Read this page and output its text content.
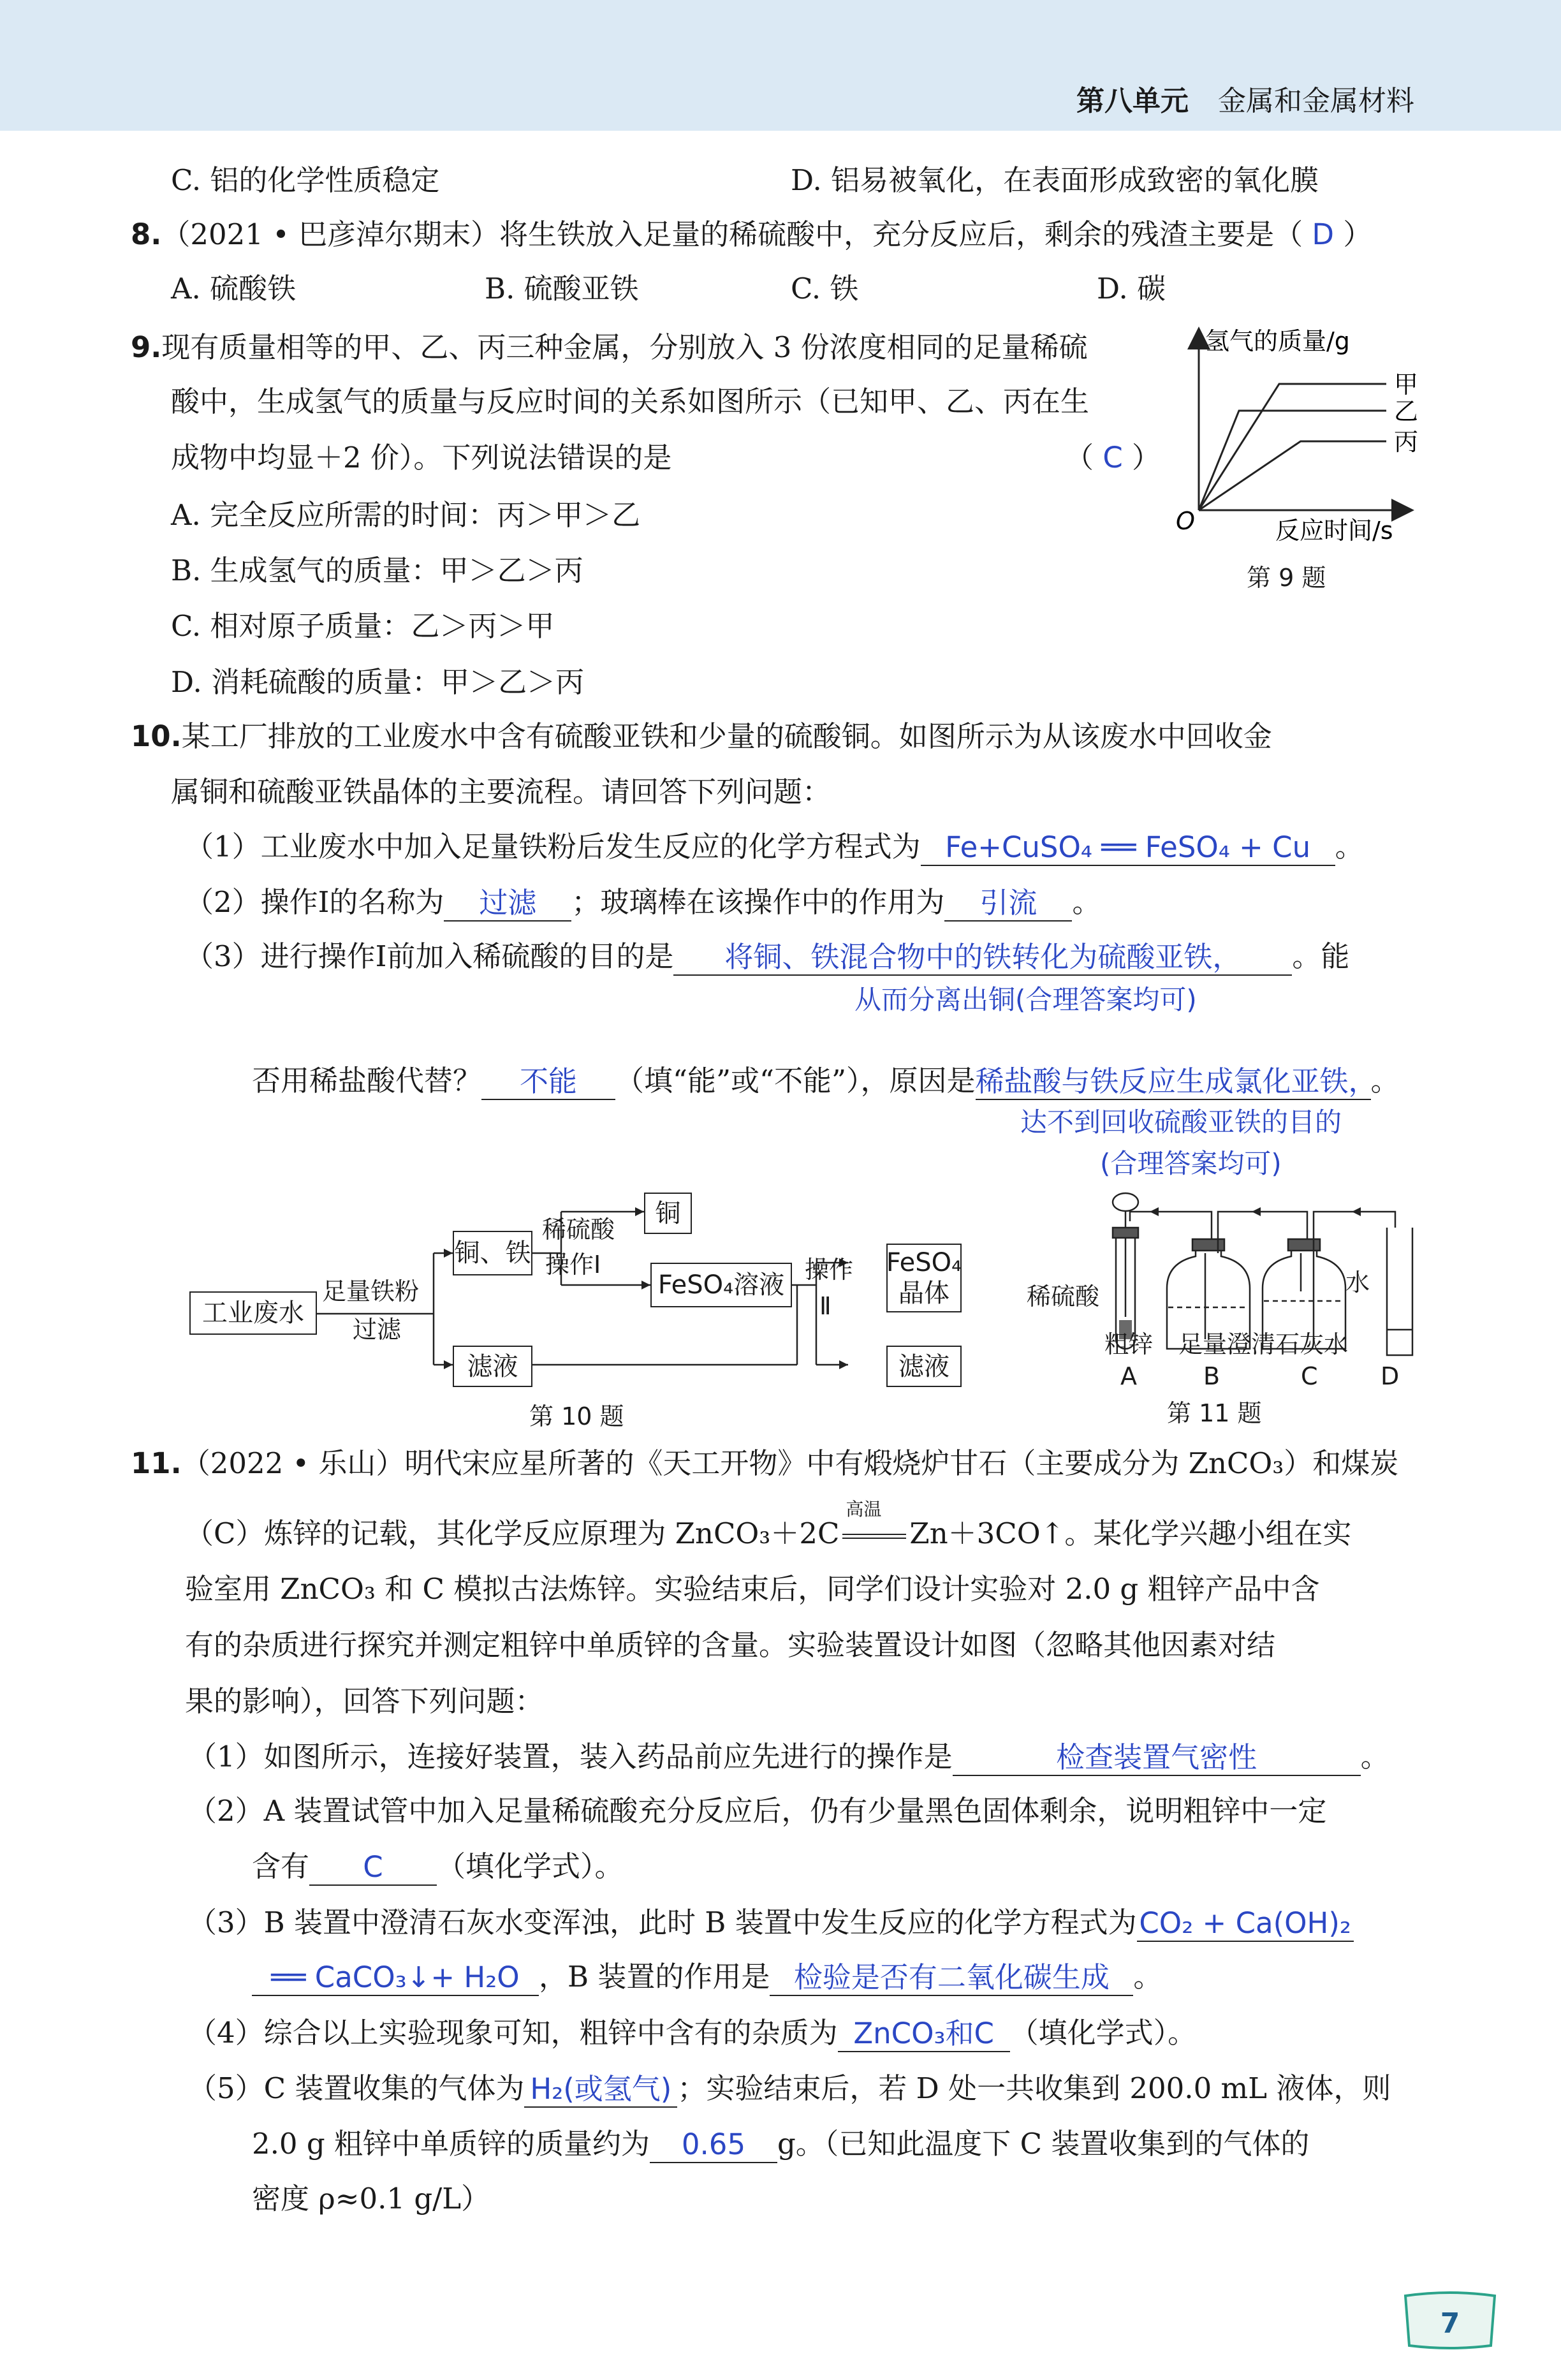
第八单元 金属和金属材料
C. 铝的化学性质稳定	D. 铝易被氧化，在表面形成致密的氧化膜
8.（2021 • 巴彦淖尔期末）将生铁放入足量的稀硫酸中，充分反应后，剩余的残渣主要是（ D ）
A. 硫酸铁	B. 硫酸亚铁	C. 铁	D. 碳
9.现有质量相等的甲、乙、丙三种金属，分别放入 3 份浓度相同的足量稀硫
酸中，生成氢气的质量与反应时间的关系如图所示（已知甲、乙、丙在生
成物中均显＋2 价）。下列说法错误的是	（ C ）
A. 完全反应所需的时间：丙＞甲＞乙
B. 生成氢气的质量：甲＞乙＞丙
C. 相对原子质量：乙＞丙＞甲
D. 消耗硫酸的质量：甲＞乙＞丙
氢气的质量/g
反应时间/s
O
甲
乙
丙
第 9 题
10.某工厂排放的工业废水中含有硫酸亚铁和少量的硫酸铜。如图所示为从该废水中回收金
属铜和硫酸亚铁晶体的主要流程。请回答下列问题：
（1）工业废水中加入足量铁粉后发生反应的化学方程式为 Fe+CuSO₄ ══ FeSO₄ + Cu 。
（2）操作Ⅰ的名称为 过滤 ；玻璃棒在该操作中的作用为 引流 。
（3）进行操作Ⅰ前加入稀硫酸的目的是 将铜、铁混合物中的铁转化为硫酸亚铁， 。能
从而分离出铜(合理答案均可)
否用稀盐酸代替？ 不能 （填“能”或“不能”），原因是稀盐酸与铁反应生成氯化亚铁，。
达不到回收硫酸亚铁的目的
(合理答案均可)
工业废水
足量铁粉
过滤
铜、铁
稀硫酸
操作Ⅰ
铜
FeSO₄溶液
操作
Ⅱ
FeSO₄
晶体
滤液	滤液
第 10 题
稀硫酸	水
粗锌 足量澄清石灰水
A	B	C	D
第 11 题
11.（2022 • 乐山）明代宋应星所著的《天工开物》中有煅烧炉甘石（主要成分为 ZnCO₃）和煤炭
（C）炼锌的记载，其化学反应原理为 ZnCO₃＋2C
高温
Zn＋3CO↑。某化学兴趣小组在实
验室用 ZnCO₃ 和 C 模拟古法炼锌。实验结束后，同学们设计实验对 2.0 g 粗锌产品中含
有的杂质进行探究并测定粗锌中单质锌的含量。实验装置设计如图（忽略其他因素对结
果的影响），回答下列问题：
（1）如图所示，连接好装置，装入药品前应先进行的操作是	检查装置气密性	。
（2）A 装置试管中加入足量稀硫酸充分反应后，仍有少量黑色固体剩余，说明粗锌中一定
含有 C （填化学式）。
（3）B 装置中澄清石灰水变浑浊，此时 B 装置中发生反应的化学方程式为CO₂ + Ca(OH)₂
══ CaCO₃↓+ H₂O ，B 装置的作用是 检验是否有二氧化碳生成 。
（4）综合以上实验现象可知，粗锌中含有的杂质为 ZnCO₃和C （填化学式）。
（5）C 装置收集的气体为 H₂(或氢气) ；实验结束后，若 D 处一共收集到 200.0 mL 液体，则
2.0 g 粗锌中单质锌的质量约为 0.65 g。（已知此温度下 C 装置收集到的气体的
密度 ρ≈0.1 g/L）
7
